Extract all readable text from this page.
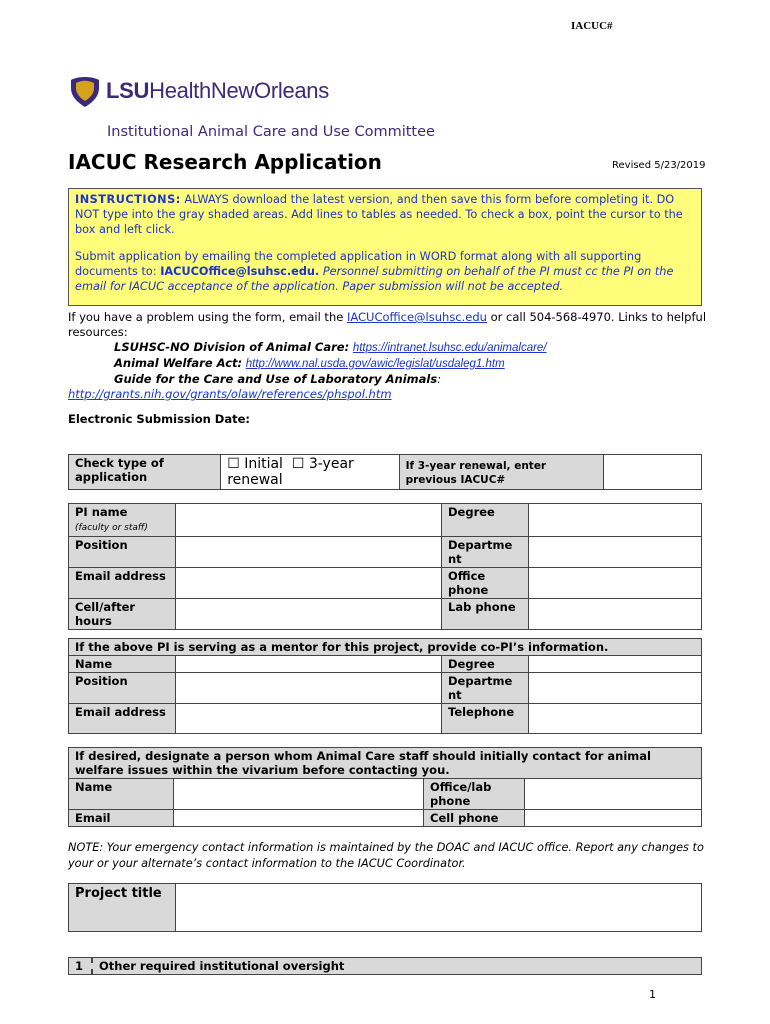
IACUC#
LSUHealthNewOrleans
Institutional Animal Care and Use Committee
IACUC Research Application	Revised 5/23/2019
INSTRUCTIONS: ALWAYS download the latest version, and then save this form before completing it. DO NOT type into the gray shaded areas. Add lines to tables as needed. To check a box, point the cursor to the box and left click.
Submit application by emailing the completed application in WORD format along with all supporting documents to: IACUCOffice@lsuhsc.edu. Personnel submitting on behalf of the PI must cc the PI on the email for IACUC acceptance of the application. Paper submission will not be accepted.
If you have a problem using the form, email the IACUCoffice@lsuhsc.edu or call 504-568-4970. Links to helpful resources:
LSUHSC-NO Division of Animal Care: https://intranet.lsuhsc.edu/animalcare/
Animal Welfare Act: http://www.nal.usda.gov/awic/legislat/usdaleg1.htm
Guide for the Care and Use of Laboratory Animals:
http://grants.nih.gov/grants/olaw/references/phspol.htm
Electronic Submission Date:
Check type of application	☐ Initial ☐ 3-year renewal	If 3-year renewal, enter previous IACUC#	
PI name
(faculty or staff)		Degree	
Position		Departme nt	
Email address		Office phone	
Cell/after hours		Lab phone	
If the above PI is serving as a mentor for this project, provide co-PI’s information.			
Name		Degree	
Position		Departme nt	
Email address		Telephone	
If desired, designate a person whom Animal Care staff should initially contact for animal welfare issues within the vivarium before contacting you.			
Name		Office/lab phone	
Email		Cell phone	
NOTE: Your emergency contact information is maintained by the DOAC and IACUC office. Report any changes to your or your alternate’s contact information to the IACUC Coordinator.
Project title	
1	Other required institutional oversight
1
